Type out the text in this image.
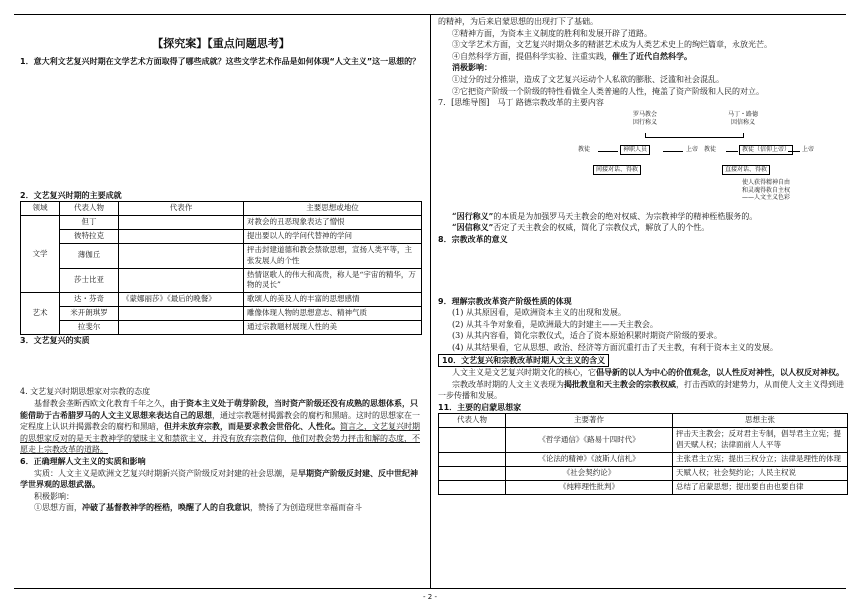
- 2 -
【探究案】【重点问题思考】

1．意大利文艺复兴时期在文学艺术方面取得了哪些成就？这些文学艺术作品是如何体现“人文主义”这一思想的？

2．文艺复兴时期的主要成就

领域	代表人物	代表作	主要思想或地位
文学	但丁		对教会的丑恶现象表达了憎恨
	彼特拉克		提出要以人的学问代替神的学问
	薄伽丘		抨击封建道德和教会禁欲思想，宣扬人类平等，主张发展人的个性
	莎士比亚		热情讴歌人的伟大和高贵，称人是“宇宙的精华，万物的灵长”
艺术	达・芬奇	《蒙娜丽莎》《最后的晚餐》	歌颂人的美及人的丰富的思想感情
	米开朗琪罗		雕像体现人物的思想意志、精神气质
	拉斐尔		通过宗教题材展现人性的美

3．文艺复兴的实质

4. 文艺复兴时期思想家对宗教的态度

基督教会垄断西欧文化教育千年之久，由于资本主义处于萌芽阶段，当时资产阶级还没有成熟的思想体系，只能借助于古希腊罗马的人文主义思想来表达自己的思想，通过宗教题材揭露教会的腐朽和黑暗。这时的思想家在一定程度上认识并揭露教会的腐朽和黑暗，但并未放弃宗教，而是要求教会世俗化、人性化。简言之，文艺复兴时期的思想家反对的是天主教神学的蒙昧主义和禁欲主义，并没有放弃宗教信仰，他们对教会势力抨击和解的态度，不愿走上宗教改革的道路。

6．正确理解人文主义的实质和影响

实质：人文主义是欧洲文艺复兴时期新兴资产阶级反对封建的社会思潮，是早期资产阶级反封建、反中世纪神学世界观的思想武器。

积极影响：

①思想方面，冲破了基督教神学的桎梏，唤醒了人的自我意识，赞扬了为创造现世幸福而奋斗

的精神，为后来启蒙思想的出现打下了基础。

②精神方面，为资本主义制度的胜利和发展开辟了道路。

③文学艺术方面，文艺复兴时期众多的精湛艺术成为人类艺术史上的绚烂篇章，永放光芒。

④自然科学方面，提倡科学实验、注重实践，催生了近代自然科学。

消极影响：

①过分的过分推崇，造成了文艺复兴运动个人私欲的膨胀、泛滥和社会混乱。

②它把资产阶级一个阶级的特性看做全人类普遍的人性，掩盖了资产阶级和人民的对立。

7．[思维导图]　马丁 路德宗教改革的主要内容

罗马教会
因行称义
马丁・路德
因信称义
教徒	神职人员	上帝 教徒	教徒（信仰上帝）	上帝
间接对话、得救	直接对话、得救
使人获得精神自由
和灵魂得救自主权
——人文主义色彩

“因行称义”的本质是为加强罗马天主教会的绝对权威、为宗教神学的精神桎梏服务的。

“因信称义”否定了天主教会的权威，简化了宗教仪式，解放了人的个性。

8．宗教改革的意义

9．理解宗教改革资产阶级性质的体现

(1) 从其原因看，是欧洲资本主义的出现和发展。

(2) 从其斗争对象看，是欧洲最大的封建主——天主教会。

(3) 从其内容看，简化宗教仪式，适合了资本原始积累时期资产阶级的要求。

(4) 从其结果看，它从思想、政治、经济等方面沉重打击了天主教，有利于资本主义的发展。

10．文艺复兴和宗教改革时期人文主义的含义

人文主义是文艺复兴时期文化的核心，它倡导新的以人为中心的价值观念，以人性反对神性，以人权反对神权。

宗教改革时期的人文主义表现为揭批教皇和天主教会的宗教权威，打击西欧的封建势力，从而使人文主义得到进一步传播和发展。

11．主要的启蒙思想家

代表人物	主要著作	思想主张
	《哲学通信》《路易十四时代》	抨击天主教会；反对君主专制，倡导君主立宪；提倡天赋人权；法律面前人人平等
	《论法的精神》《波斯人信札》	主张君主立宪；提出三权分立；法律是理性的体现
	《社会契约论》	天赋人权；社会契约论；人民主权说
	《纯粹理性批判》	总结了启蒙思想；提出要自由也要自律
